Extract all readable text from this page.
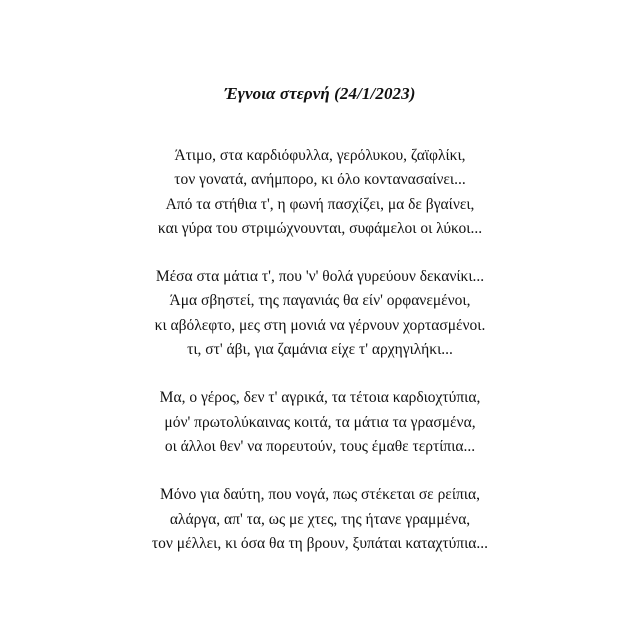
Έγνοια στερνή (24/1/2023)
Άτιμο, στα καρδιόφυλλα, γερόλυκου, ζαϊφλίκι,
τον γονατά, ανήμπορο, κι όλο κοντανασαίνει...
Από τα στήθια τ', η φωνή πασχίζει, μα δε βγαίνει,
και γύρα του στριμώχνουνται, συφάμελοι οι λύκοι...
Μέσα στα μάτια τ', που 'ν' θολά γυρεύουν δεκανίκι...
Άμα σβηστεί, της παγανιάς θα είν' ορφανεμένοι,
κι αβόλεφτο, μες στη μονιά να γέρνουν χορτασμένοι.
τι, στ' άβι, για ζαμάνια είχε τ' αρχηγιλήκι...
Μα, ο γέρος, δεν τ' αγρικά, τα τέτοια καρδιοχτύπια,
μόν' πρωτολύκαινας κοιτά, τα μάτια τα γρασμένα,
οι άλλοι θεν' να πορευτούν, τους έμαθε τερτίπια...
Μόνο για δαύτη, που νογά, πως στέκεται σε ρείπια,
αλάργα, απ' τα, ως με χτες, της ήτανε γραμμένα,
τον μέλλει, κι όσα θα τη βρουν, ξυπάται καταχτύπια...
